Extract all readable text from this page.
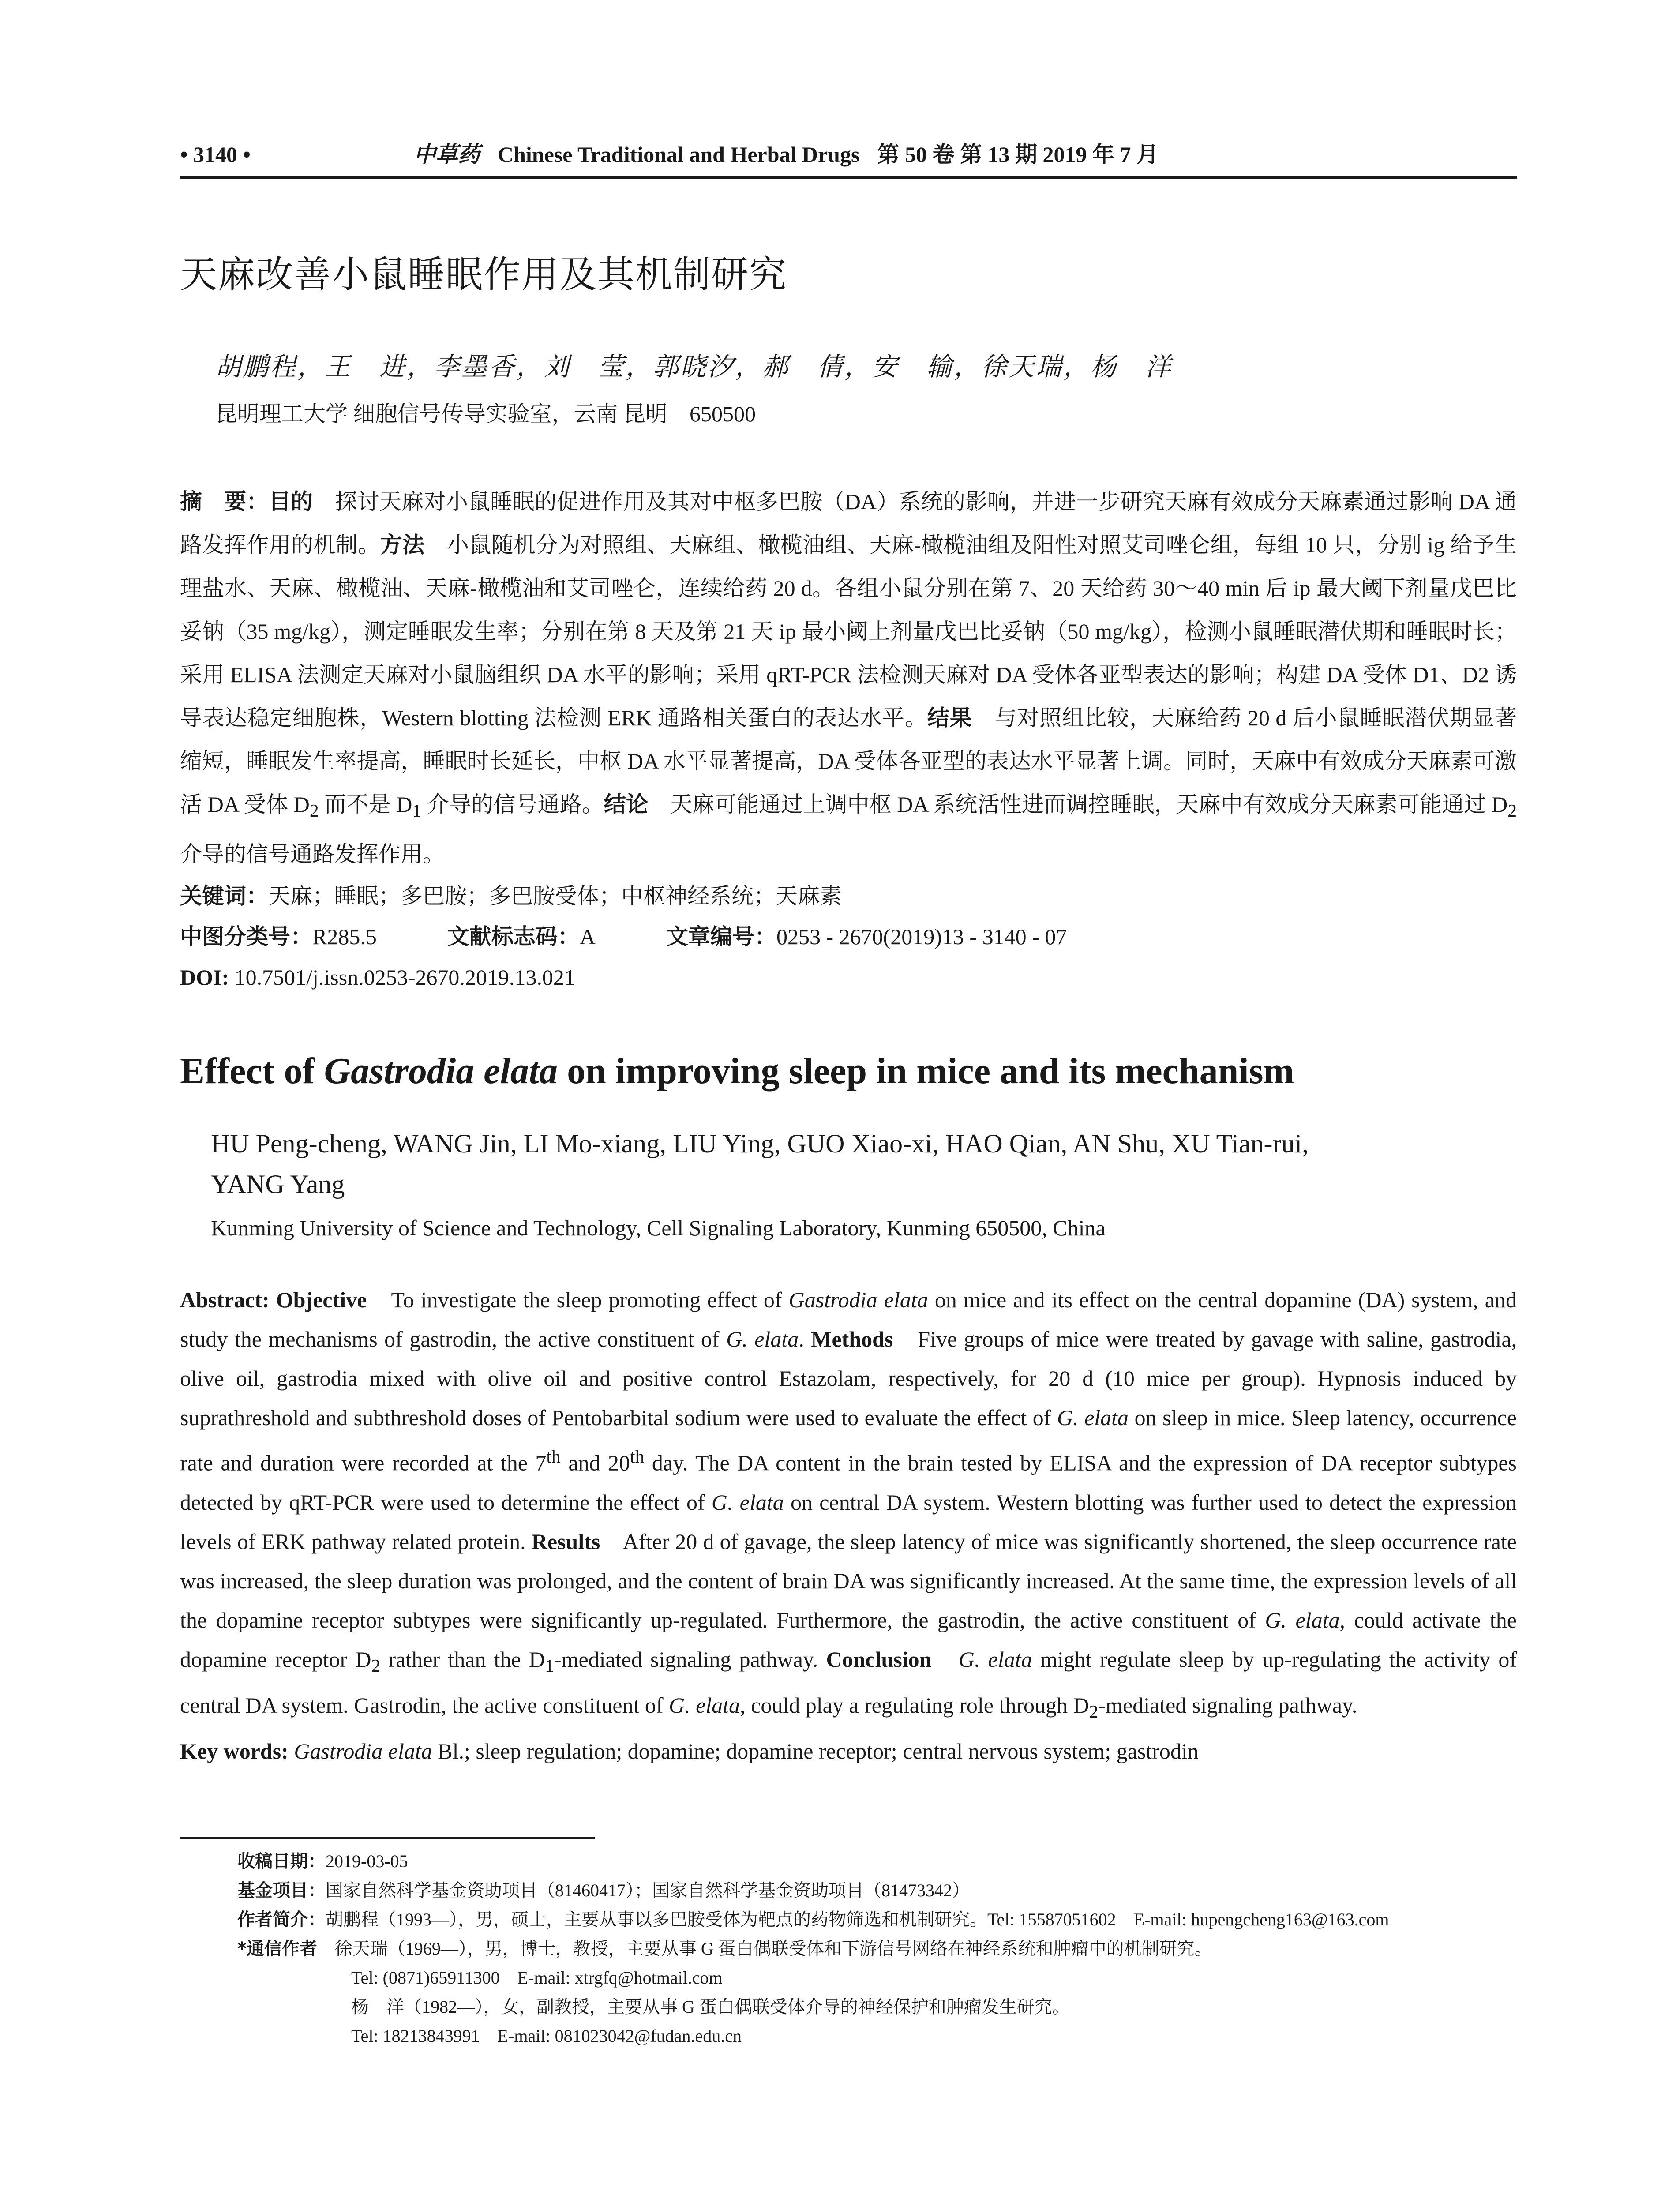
• 3140 •	中草药 Chinese Traditional and Herbal Drugs 第 50 卷 第 13 期 2019 年 7 月
天麻改善小鼠睡眠作用及其机制研究
胡鹏程，王　进，李墨香，刘　莹，郭晓汐，郝　倩，安　输，徐天瑞，杨　洋
昆明理工大学 细胞信号传导实验室，云南 昆明　650500
摘　要：目的　探讨天麻对小鼠睡眠的促进作用及其对中枢多巴胺（DA）系统的影响，并进一步研究天麻有效成分天麻素通过影响 DA 通路发挥作用的机制。方法　小鼠随机分为对照组、天麻组、橄榄油组、天麻-橄榄油组及阳性对照艾司唑仑组，每组 10 只，分别 ig 给予生理盐水、天麻、橄榄油、天麻-橄榄油和艾司唑仑，连续给药 20 d。各组小鼠分别在第 7、20 天给药 30～40 min 后 ip 最大阈下剂量戊巴比妥钠（35 mg/kg），测定睡眠发生率；分别在第 8 天及第 21 天 ip 最小阈上剂量戊巴比妥钠（50 mg/kg），检测小鼠睡眠潜伏期和睡眠时长；采用 ELISA 法测定天麻对小鼠脑组织 DA 水平的影响；采用 qRT-PCR 法检测天麻对 DA 受体各亚型表达的影响；构建 DA 受体 D1、D2 诱导表达稳定细胞株，Western blotting 法检测 ERK 通路相关蛋白的表达水平。结果　与对照组比较，天麻给药 20 d 后小鼠睡眠潜伏期显著缩短，睡眠发生率提高，睡眠时长延长，中枢 DA 水平显著提高，DA 受体各亚型的表达水平显著上调。同时，天麻中有效成分天麻素可激活 DA 受体 $D_2$ 而不是 $D_1$ 介导的信号通路。结论　天麻可能通过上调中枢 DA 系统活性进而调控睡眠，天麻中有效成分天麻素可能通过 $D_2$ 介导的信号通路发挥作用。
关键词：天麻；睡眠；多巴胺；多巴胺受体；中枢神经系统；天麻素
中图分类号：R285.5	文献标志码：A	文章编号：0253 - 2670(2019)13 - 3140 - 07
DOI: 10.7501/j.issn.0253-2670.2019.13.021
Effect of Gastrodia elata on improving sleep in mice and its mechanism
HU Peng-cheng, WANG Jin, LI Mo-xiang, LIU Ying, GUO Xiao-xi, HAO Qian, AN Shu, XU Tian-rui,
YANG Yang
Kunming University of Science and Technology, Cell Signaling Laboratory, Kunming 650500, China
Abstract: Objective　To investigate the sleep promoting effect of Gastrodia elata on mice and its effect on the central dopamine (DA) system, and study the mechanisms of gastrodin, the active constituent of G. elata. Methods　Five groups of mice were treated by gavage with saline, gastrodia, olive oil, gastrodia mixed with olive oil and positive control Estazolam, respectively, for 20 d (10 mice per group). Hypnosis induced by suprathreshold and subthreshold doses of Pentobarbital sodium were used to evaluate the effect of G. elata on sleep in mice. Sleep latency, occurrence rate and duration were recorded at the 7th and 20th day. The DA content in the brain tested by ELISA and the expression of DA receptor subtypes detected by qRT-PCR were used to determine the effect of G. elata on central DA system. Western blotting was further used to detect the expression levels of ERK pathway related protein. Results　After 20 d of gavage, the sleep latency of mice was significantly shortened, the sleep occurrence rate was increased, the sleep duration was prolonged, and the content of brain DA was significantly increased. At the same time, the expression levels of all the dopamine receptor subtypes were significantly up-regulated. Furthermore, the gastrodin, the active constituent of G. elata, could activate the dopamine receptor $D_2$ rather than the $D_1$-mediated signaling pathway. Conclusion　 G. elata might regulate sleep by up-regulating the activity of central DA system. Gastrodin, the active constituent of G. elata, could play a regulating role through $D_2$-mediated signaling pathway.
Key words: Gastrodia elata Bl.; sleep regulation; dopamine; dopamine receptor; central nervous system; gastrodin
收稿日期：2019-03-05
基金项目：国家自然科学基金资助项目（81460417）；国家自然科学基金资助项目（81473342）
作者简介：胡鹏程（1993—），男，硕士，主要从事以多巴胺受体为靶点的药物筛选和机制研究。Tel: 15587051602　E-mail: hupengcheng163@163.com
*通信作者　徐天瑞（1969—），男，博士，教授，主要从事 G 蛋白偶联受体和下游信号网络在神经系统和肿瘤中的机制研究。
Tel: (0871)65911300　E-mail: xtrgfq@hotmail.com
杨　洋（1982—），女，副教授，主要从事 G 蛋白偶联受体介导的神经保护和肿瘤发生研究。
Tel: 18213843991　E-mail: 081023042@fudan.edu.cn
